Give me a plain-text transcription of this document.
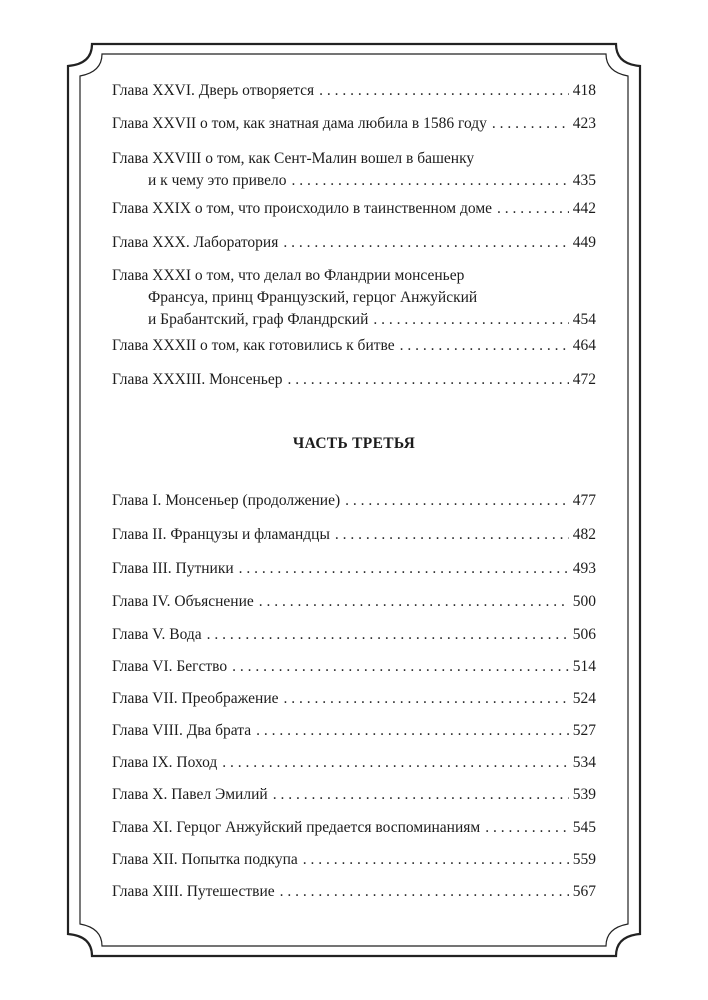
Глава XXVI. Дверь отворяется . . .	418
Глава XXVII о том, как знатная дама любила в 1586 году . . .	423
Глава XXVIII о том, как Сент-Малин вошел в башенку
и к чему это привело . . .	435
Глава XXIX о том, что происходило в таинственном доме . . .	442
Глава XXX. Лаборатория . . .	449
Глава XXXI о том, что делал во Фландрии монсеньер
Франсуа, принц Французский, герцог Анжуйский
и Брабантский, граф Фландрский . . .	454
Глава XXXII о том, как готовились к битве . . .	464
Глава XXXIII. Монсеньер . . .	472
Глава I. Монсеньер (продолжение) . . .	477
Глава II. Французы и фламандцы . . .	482
Глава III. Путники . . .	493
Глава IV. Объяснение . . .	500
Глава V. Вода . . .	506
Глава VI. Бегство . . .	514
Глава VII. Преображение . . .	524
Глава VIII. Два брата . . .	527
Глава IX. Поход . . .	534
Глава X. Павел Эмилий . . .	539
Глава XI. Герцог Анжуйский предается воспоминаниям . . .	545
Глава XII. Попытка подкупа . . .	559
Глава XIII. Путешествие . . .	567
ЧАСТЬ ТРЕТЬЯ
